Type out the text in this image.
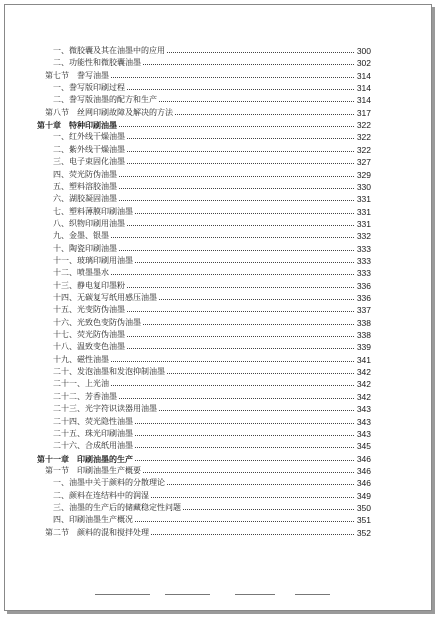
一、微胶囊及其在油墨中的应用	300
二、功能性和微胶囊油墨	302
第七节　誊写油墨	314
一、誊写版印刷过程	314
二、誊写版油墨的配方和生产	314
第八节　丝网印刷故障及解决的方法	317
第十章　特种印刷油墨	322
一、红外线干燥油墨	322
二、紫外线干燥油墨	322
三、电子束固化油墨	327
四、荧光防伪油墨	329
五、塑料溶胶油墨	330
六、湖胶凝固油墨	331
七、塑料薄膜印刷油墨	331
八、织物印刷用油墨	331
九、金墨、银墨	332
十、陶瓷印刷油墨	333
十一、玻璃印刷用油墨	333
十二、喷墨墨水	333
十三、静电复印墨粉	336
十四、无碳复写纸用感压油墨	336
十五、光变防伪油墨	337
十六、光致色变防伪油墨	338
十七、荧光防伪油墨	338
十八、温致变色油墨	339
十九、磁性油墨	341
二十、发泡油墨和发泡抑制油墨	342
二十一、上光油	342
二十二、芳香油墨	342
二十三、光字符识读器用油墨	343
二十四、荧光隐性油墨	343
二十五、珠光印刷油墨	343
二十六、合成纸用油墨	345
第十一章　印刷油墨的生产	346
第一节　印刷油墨生产概要	346
一、油墨中关于颜料的分散理论	346
二、颜料在连结料中的润湿	349
三、油墨的生产后的储藏稳定性问题	350
四、印刷油墨生产概况	351
第二节　颜料的混和搅拌处理	352
